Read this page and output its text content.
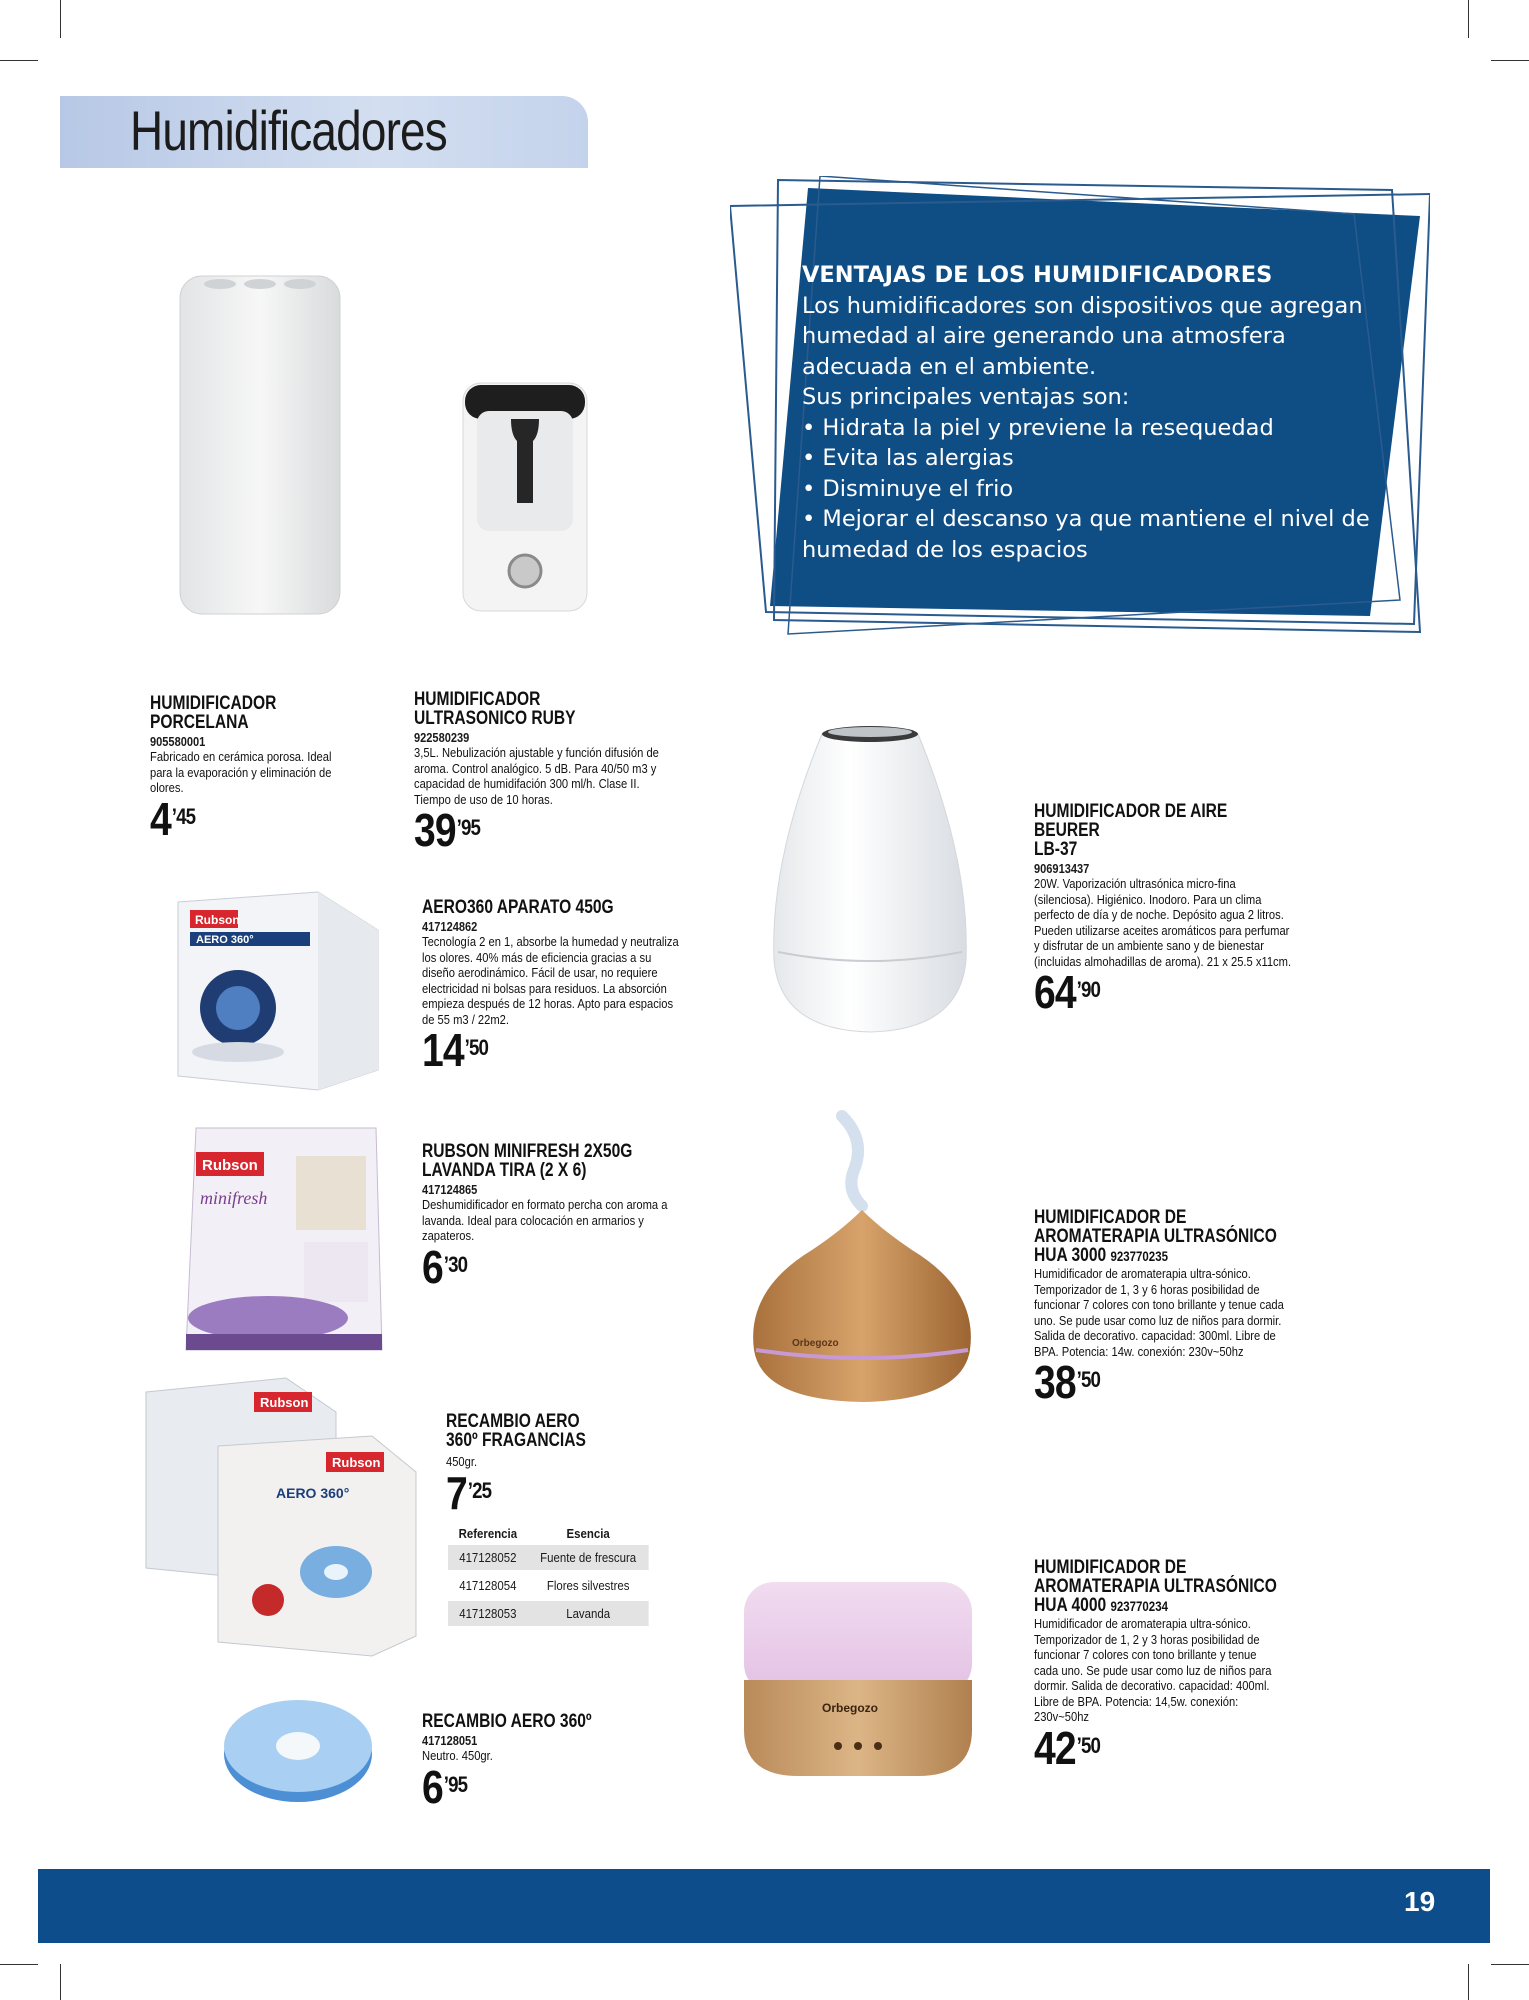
Humidificadores
VENTAJAS DE LOS HUMIDIFICADORES
Los humidificadores son dispositivos que agregan humedad al aire generando una atmosfera adecuada en el ambiente.
Sus principales ventajas son:
• Hidrata la piel y previene la resequedad
• Evita las alergias
• Disminuye el frio
• Mejorar el descanso ya que mantiene el nivel de humedad de los espacios
Rubson
AERO 360°
Rubson
minifresh
Rubson
Rubson
AERO 360°
Orbegozo
Orbegozo
HUMIDIFICADOR PORCELANA
905580001
Fabricado en cerámica porosa. Ideal para la evaporación y eliminación de olores.
$4^{’45}$
HUMIDIFICADOR ULTRASONICO RUBY
922580239
3,5L. Nebulización ajustable y función difusión de aroma. Control analógico. 5 dB. Para 40/50 m3 y capacidad de humidifación 300 ml/h. Clase II. Tiempo de uso de 10 horas.
$39^{’95}$
AERO360 APARATO 450G
417124862
Tecnología 2 en 1, absorbe la humedad y neutraliza los olores. 40% más de eficiencia gracias a su diseño aerodinámico. Fácil de usar, no requiere electricidad ni bolsas para residuos. La absorción empieza después de 12 horas. Apto para espacios de 55 m3 / 22m2.
$14^{’50}$
RUBSON MINIFRESH 2X50G LAVANDA TIRA (2 X 6)
417124865
Deshumidificador en formato percha con aroma a lavanda. Ideal para colocación en armarios y zapateros.
$6^{’30}$
RECAMBIO AERO 360º FRAGANCIAS
450gr.
$7^{’25}$
Referencia	Esencia
417128052	Fuente de frescura
417128054	Flores silvestres
417128053	Lavanda
RECAMBIO AERO 360º
417128051
Neutro. 450gr.
$6^{’95}$
HUMIDIFICADOR DE AIRE BEURER
LB-37
906913437
20W. Vaporización ultrasónica micro-fina (silenciosa). Higiénico. Inodoro. Para un clima perfecto de día y de noche. Depósito agua 2 litros. Pueden utilizarse aceites aromáticos para perfumar y disfrutar de un ambiente sano y de bienestar (incluidas almohadillas de aroma). 21 x 25.5 x11cm.
$64^{’90}$
HUMIDIFICADOR DE
AROMATERAPIA ULTRASÓNICO
HUA 3000 923770235
Humidificador de aromaterapia ultra-sónico. Temporizador de 1, 3 y 6 horas posibilidad de funcionar 7 colores con tono brillante y tenue cada uno. Se pude usar como luz de niños para dormir. Salida de decorativo. capacidad: 300ml. Libre de BPA. Potencia: 14w. conexión: 230v~50hz
$38^{’50}$
HUMIDIFICADOR DE
AROMATERAPIA ULTRASÓNICO
HUA 4000 923770234
Humidificador de aromaterapia ultra-sónico. Temporizador de 1, 2 y 3 horas posibilidad de funcionar 7 colores con tono brillante y tenue cada uno. Se pude usar como luz de niños para dormir. Salida de decorativo. capacidad: 400ml. Libre de BPA. Potencia: 14,5w. conexión: 230v~50hz
$42^{’50}$
19
